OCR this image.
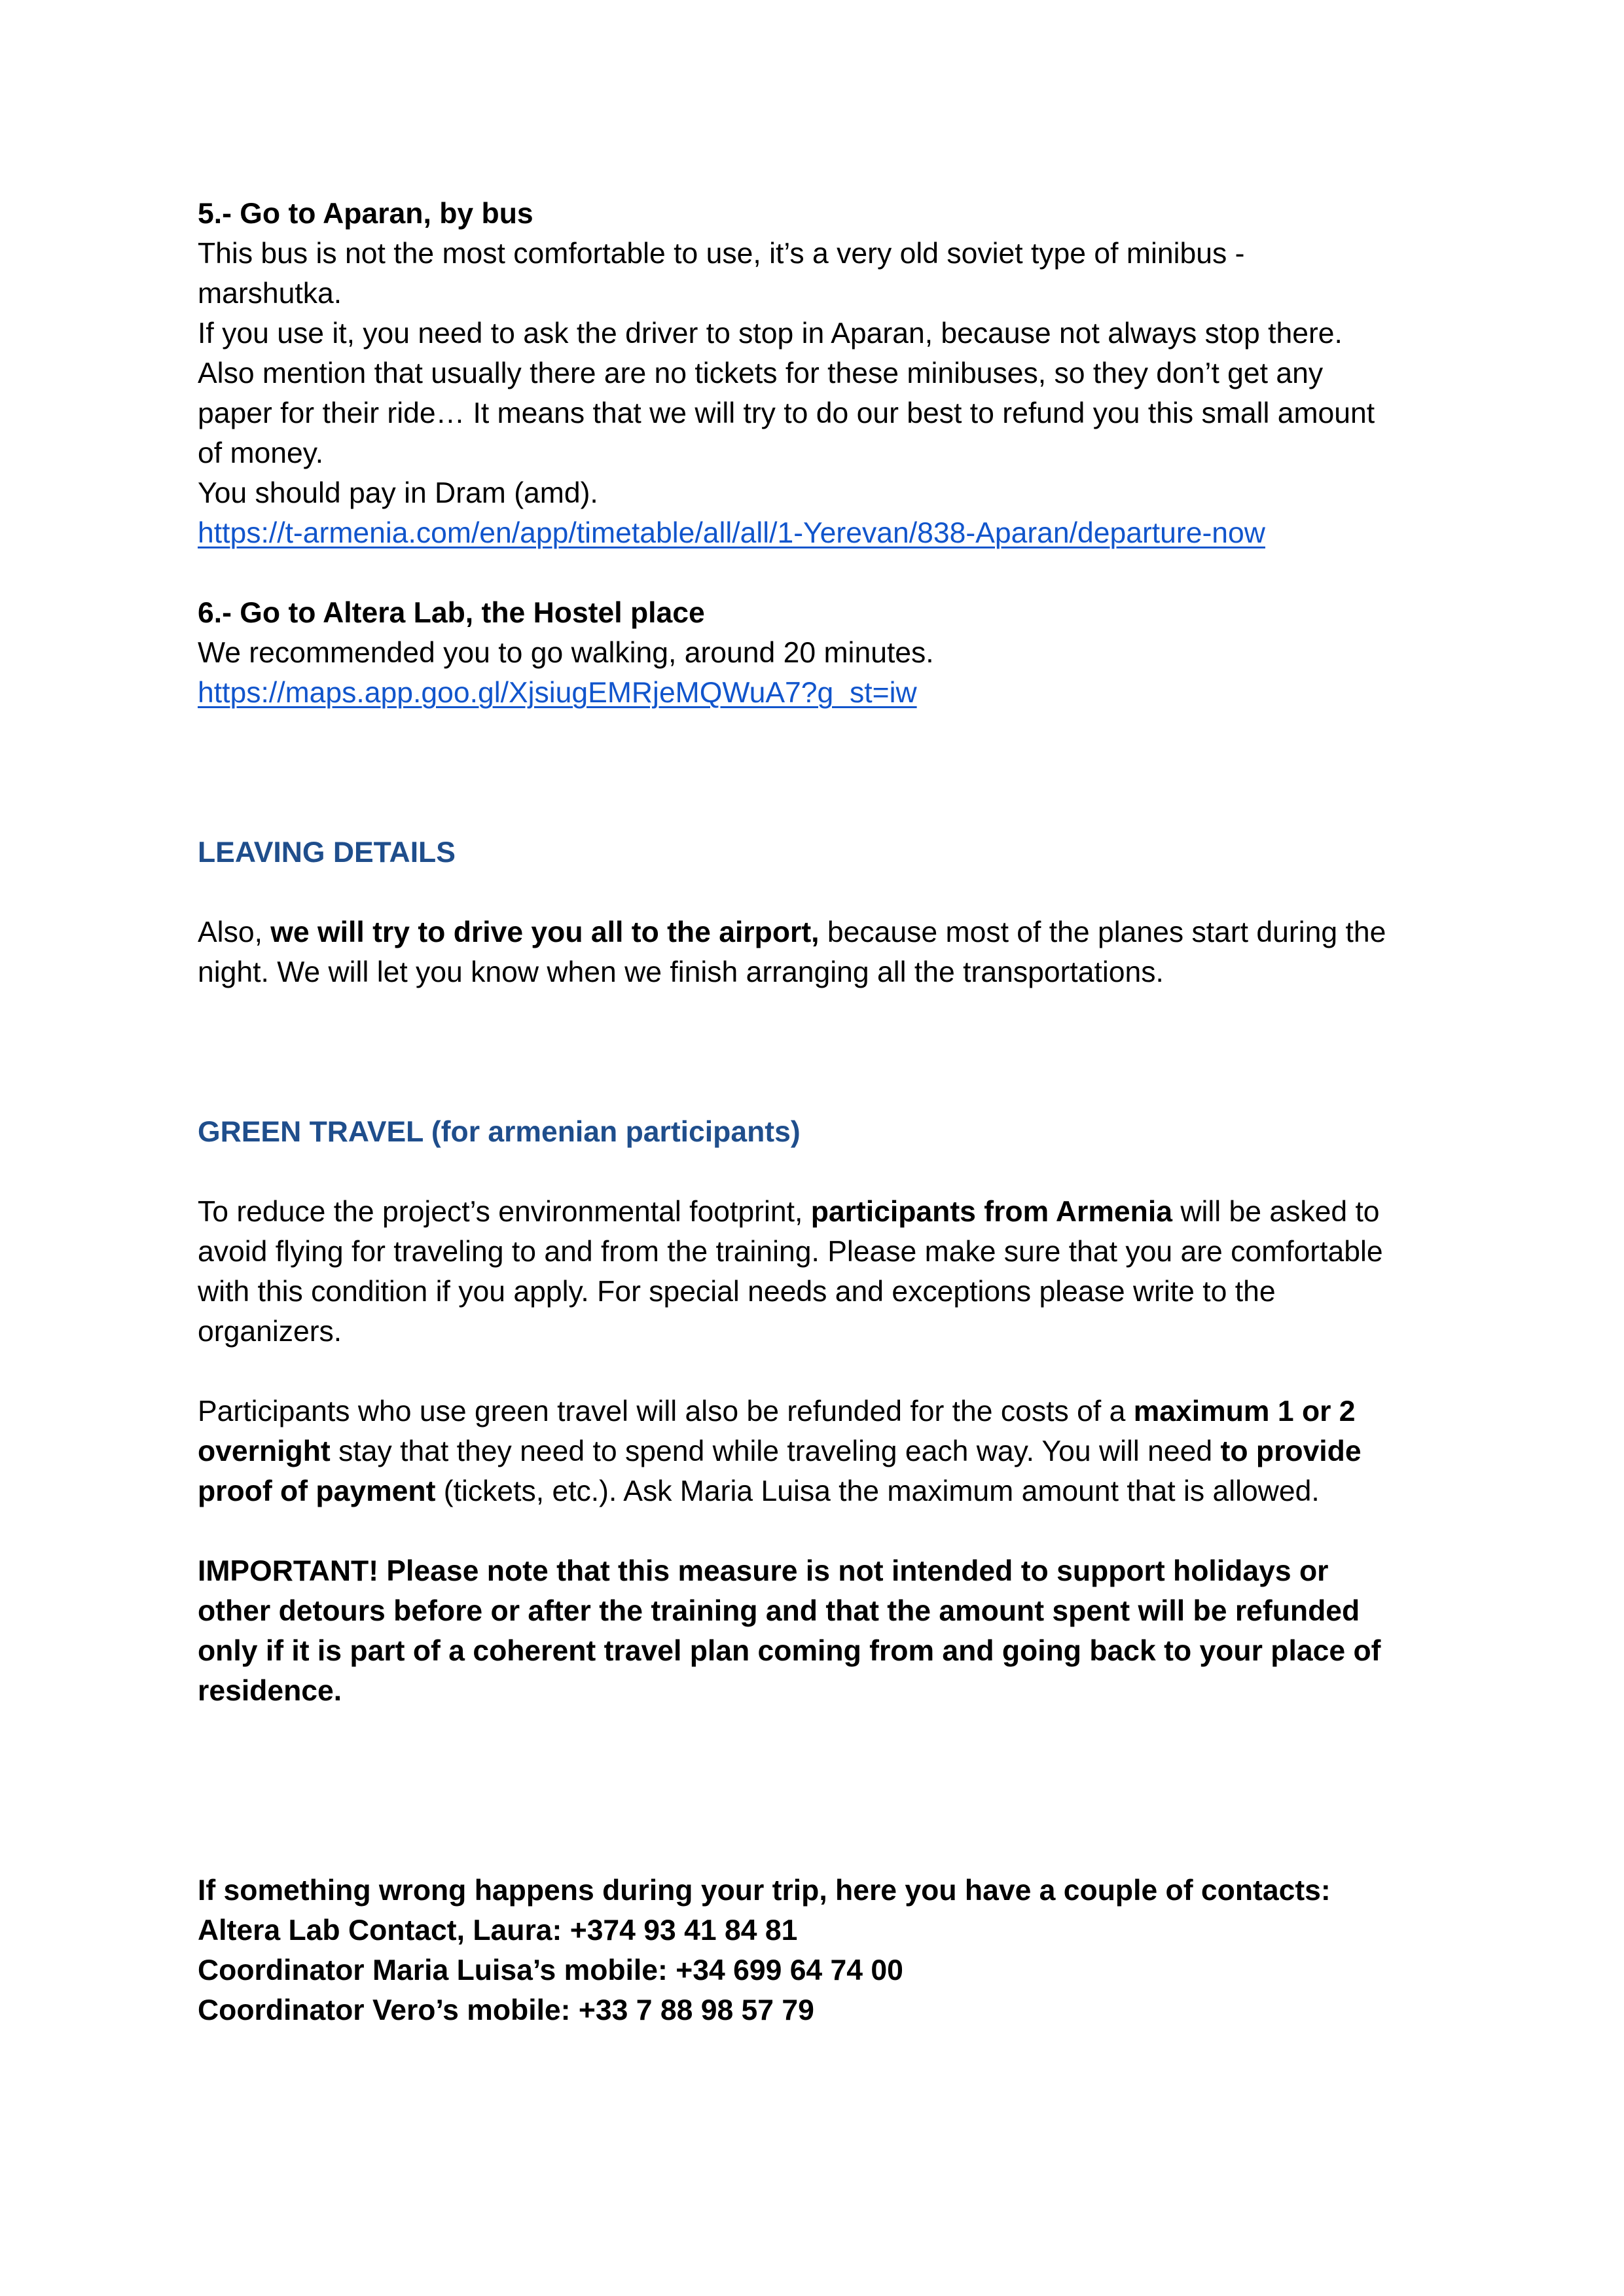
5.- Go to Aparan, by bus
This bus is not the most comfortable to use, it’s a very old soviet type of minibus -
marshutka.
If you use it, you need to ask the driver to stop in Aparan, because not always stop there.
Also mention that usually there are no tickets for these minibuses, so they don’t get any
paper for their ride… It means that we will try to do our best to refund you this small amount
of money.
You should pay in Dram (amd).
https://t-armenia.com/en/app/timetable/all/all/1-Yerevan/838-Aparan/departure-now
6.- Go to Altera Lab, the Hostel place
We recommended you to go walking, around 20 minutes.
https://maps.app.goo.gl/XjsiugEMRjeMQWuA7?g_st=iw
LEAVING DETAILS
Also, we will try to drive you all to the airport, because most of the planes start during the
night. We will let you know when we finish arranging all the transportations.
GREEN TRAVEL (for armenian participants)
To reduce the project’s environmental footprint, participants from Armenia will be asked to
avoid flying for traveling to and from the training. Please make sure that you are comfortable
with this condition if you apply. For special needs and exceptions please write to the
organizers.
Participants who use green travel will also be refunded for the costs of a maximum 1 or 2
overnight stay that they need to spend while traveling each way. You will need to provide
proof of payment (tickets, etc.). Ask Maria Luisa the maximum amount that is allowed.
IMPORTANT! Please note that this measure is not intended to support holidays or
other detours before or after the training and that the amount spent will be refunded
only if it is part of a coherent travel plan coming from and going back to your place of
residence.
If something wrong happens during your trip, here you have a couple of contacts:
Altera Lab Contact, Laura: +374 93 41 84 81
Coordinator Maria Luisa’s mobile: +34 699 64 74 00
Coordinator Vero’s mobile: +33 7 88 98 57 79
